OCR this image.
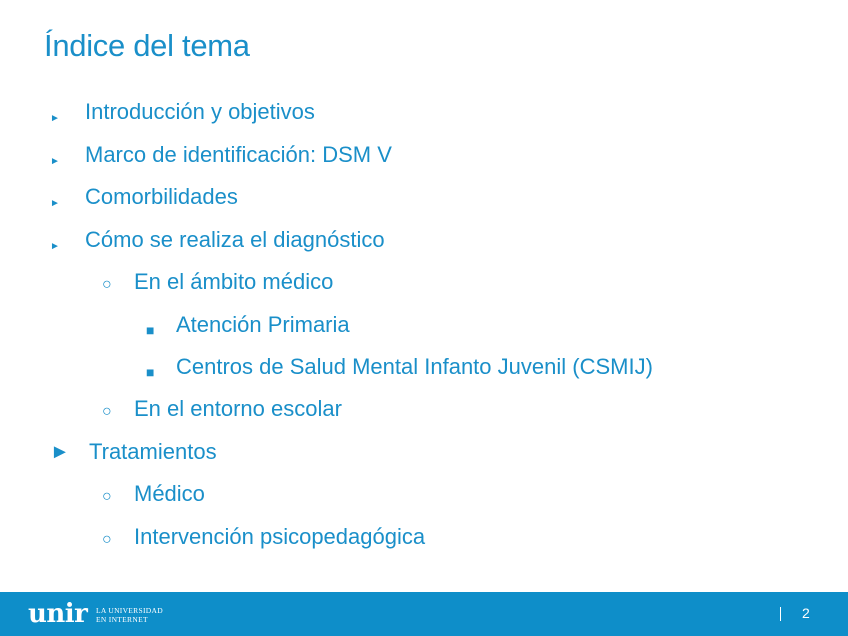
Índice del tema
► Introducción y objetivos
► Marco de identificación: DSM V
► Comorbilidades
► Cómo se realiza el diagnóstico
○ En el ámbito médico
■ Atención Primaria
■ Centros de Salud Mental Infanto Juvenil (CSMIJ)
○ En el entorno escolar
► Tratamientos
○ Médico
○ Intervención psicopedagógica
unir LA UNIVERSIDAD
EN INTERNET	2
